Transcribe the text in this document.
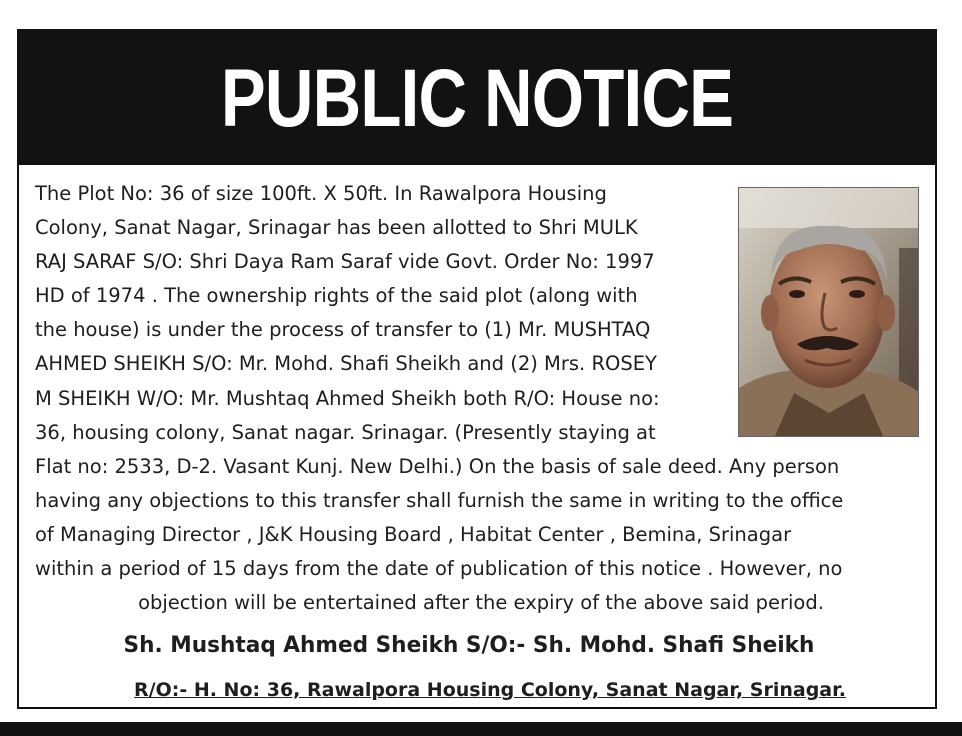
PUBLIC NOTICE
The Plot No: 36 of size 100ft. X 50ft. In Rawalpora Housing
Colony, Sanat Nagar, Srinagar has been allotted to Shri MULK
RAJ SARAF S/O: Shri Daya Ram Saraf vide Govt. Order No: 1997
HD of 1974 . The ownership rights of the said plot (along with
the house) is under the process of transfer to (1) Mr. MUSHTAQ
AHMED SHEIKH S/O: Mr. Mohd. Shafi Sheikh and (2) Mrs. ROSEY
M SHEIKH W/O: Mr. Mushtaq Ahmed Sheikh both R/O: House no:
36, housing colony, Sanat nagar. Srinagar. (Presently staying at
Flat no: 2533, D-2. Vasant Kunj. New Delhi.) On the basis of sale deed. Any person
having any objections to this transfer shall furnish the same in writing to the office
of Managing Director , J&K Housing Board , Habitat Center , Bemina, Srinagar
within a period of 15 days from the date of publication of this notice . However, no
objection will be entertained after the expiry of the above said period.
Sh. Mushtaq Ahmed Sheikh S/O:- Sh. Mohd. Shafi Sheikh
R/O:- H. No: 36, Rawalpora Housing Colony, Sanat Nagar, Srinagar.
